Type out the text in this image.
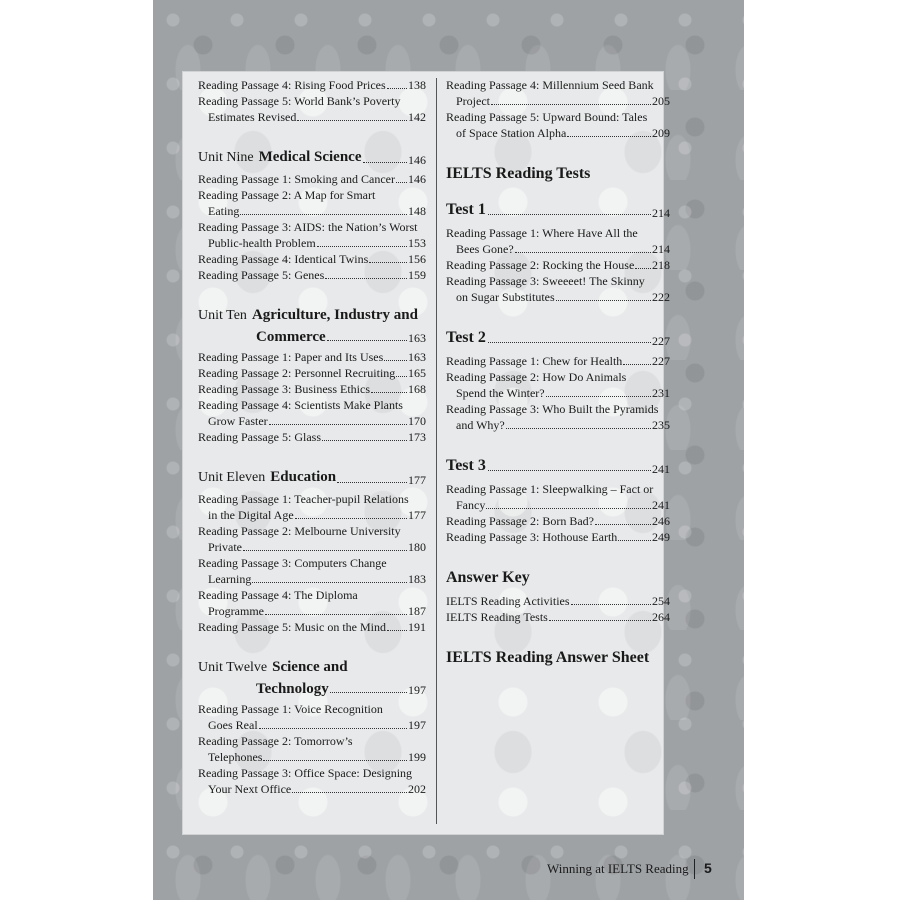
Reading Passage 4: Rising Food Prices 138
Reading Passage 5: World Bank’s Poverty
Estimates Revised	142
Unit Nine Medical Science	146
Reading Passage 1: Smoking and Cancer 146
Reading Passage 2: A Map for Smart
Eating	148
Reading Passage 3: AIDS: the Nation’s Worst
Public-health Problem	153
Reading Passage 4: Identical Twins	156
Reading Passage 5: Genes	159
Unit Ten Agriculture, Industry and
Commerce	163
Reading Passage 1: Paper and Its Uses 163
Reading Passage 2: Personnel Recruiting 165
Reading Passage 3: Business Ethics	168
Reading Passage 4: Scientists Make Plants
Grow Faster	170
Reading Passage 5: Glass	173
Unit Eleven Education	177
Reading Passage 1: Teacher-pupil Relations
in the Digital Age	177
Reading Passage 2: Melbourne University
Private	180
Reading Passage 3: Computers Change
Learning	183
Reading Passage 4: The Diploma
Programme	187
Reading Passage 5: Music on the Mind 191
Unit Twelve Science and
Technology	197
Reading Passage 1: Voice Recognition
Goes Real	197
Reading Passage 2: Tomorrow’s
Telephones	199
Reading Passage 3: Office Space: Designing
Your Next Office	202
Reading Passage 4: Millennium Seed Bank
Project	205
Reading Passage 5: Upward Bound: Tales
of Space Station Alpha	209
IELTS Reading Tests
Test 1	214
Reading Passage 1: Where Have All the
Bees Gone?	214
Reading Passage 2: Rocking the House 218
Reading Passage 3: Sweeeet! The Skinny
on Sugar Substitutes	222
Test 2	227
Reading Passage 1: Chew for Health 227
Reading Passage 2: How Do Animals
Spend the Winter?	231
Reading Passage 3: Who Built the Pyramids
and Why?	235
Test 3	241
Reading Passage 1: Sleepwalking – Fact or
Fancy	241
Reading Passage 2: Born Bad?	246
Reading Passage 3: Hothouse Earth	249
Answer Key
IELTS Reading Activities	254
IELTS Reading Tests	264
IELTS Reading Answer Sheet
Winning at IELTS Reading 5
